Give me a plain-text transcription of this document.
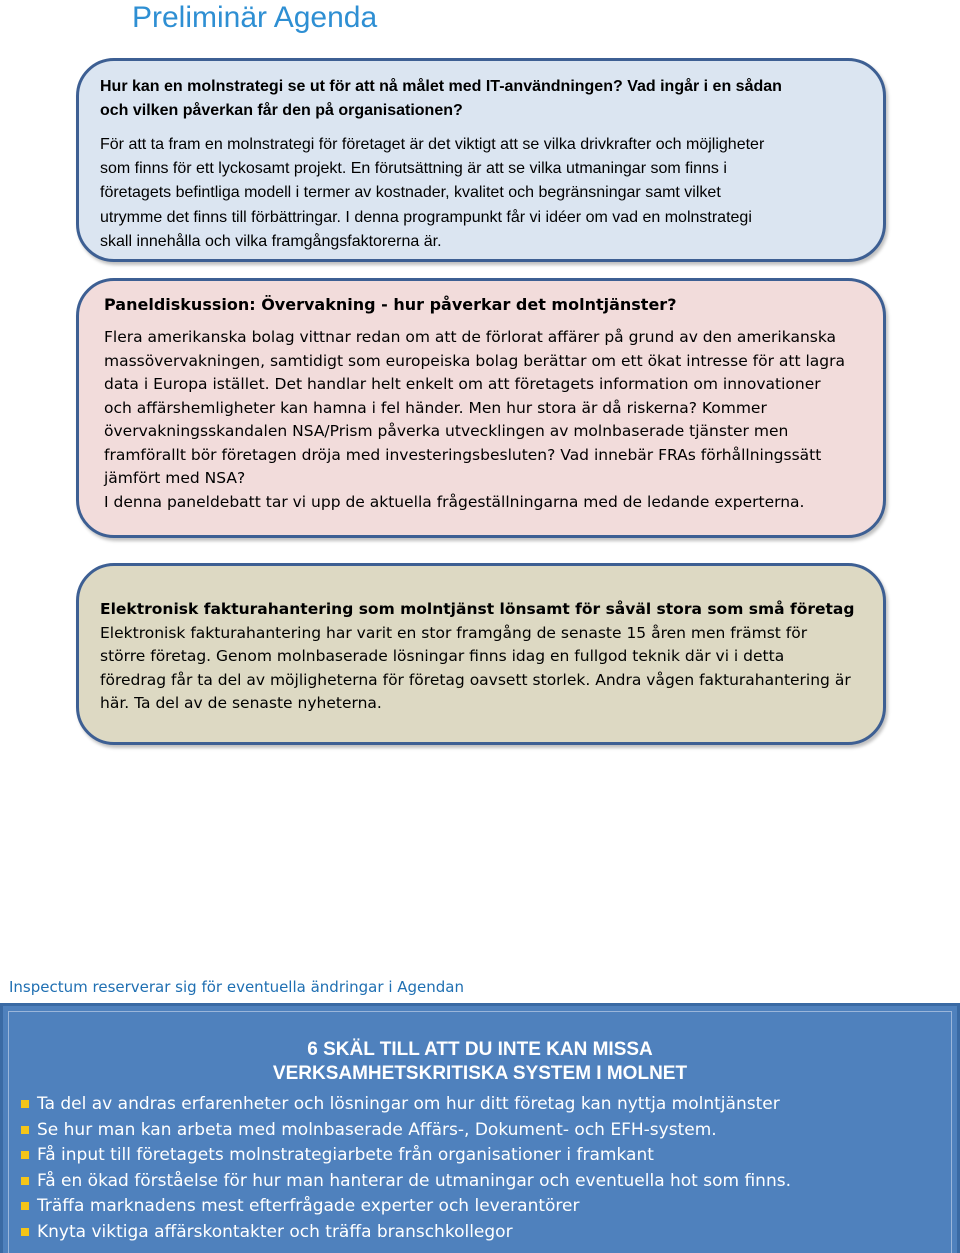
Preliminär Agenda
Hur kan en molnstrategi se ut för att nå målet med IT-användningen? Vad ingår i en sådan
och vilken påverkan får den på organisationen?
För att ta fram en molnstrategi för företaget är det viktigt att se vilka drivkrafter och möjligheter
som finns för ett lyckosamt projekt. En förutsättning är att se vilka utmaningar som finns i
företagets befintliga modell i termer av kostnader, kvalitet och begränsningar samt vilket
utrymme det finns till förbättringar. I denna programpunkt får vi idéer om vad en molnstrategi
skall innehålla och vilka framgångsfaktorerna är.
Paneldiskussion: Övervakning - hur påverkar det molntjänster?
Flera amerikanska bolag vittnar redan om att de förlorat affärer på grund av den amerikanska
massövervakningen, samtidigt som europeiska bolag berättar om ett ökat intresse för att lagra
data i Europa istället. Det handlar helt enkelt om att företagets information om innovationer
och affärshemligheter kan hamna i fel händer. Men hur stora är då riskerna? Kommer
övervakningsskandalen NSA/Prism påverka utvecklingen av molnbaserade tjänster men
framförallt bör företagen dröja med investeringsbesluten? Vad innebär FRAs förhållningssätt
jämfört med NSA?
I denna paneldebatt tar vi upp de aktuella frågeställningarna med de ledande experterna.
Elektronisk fakturahantering som molntjänst lönsamt för såväl stora som små företag
Elektronisk fakturahantering har varit en stor framgång de senaste 15 åren men främst för
större företag. Genom molnbaserade lösningar finns idag en fullgod teknik där vi i detta
föredrag får ta del av möjligheterna för företag oavsett storlek. Andra vågen fakturahantering är
här. Ta del av de senaste nyheterna.
Inspectum reserverar sig för eventuella ändringar i Agendan
6 SKÄL TILL ATT DU INTE KAN MISSA
VERKSAMHETSKRITISKA SYSTEM I MOLNET
Ta del av andras erfarenheter och lösningar om hur ditt företag kan nyttja molntjänster
Se hur man kan arbeta med molnbaserade Affärs-, Dokument- och EFH-system.
Få input till företagets molnstrategiarbete från organisationer i framkant
Få en ökad förståelse för hur man hanterar de utmaningar och eventuella hot som finns.
Träffa marknadens mest efterfrågade experter och leverantörer
Knyta viktiga affärskontakter och träffa branschkollegor
